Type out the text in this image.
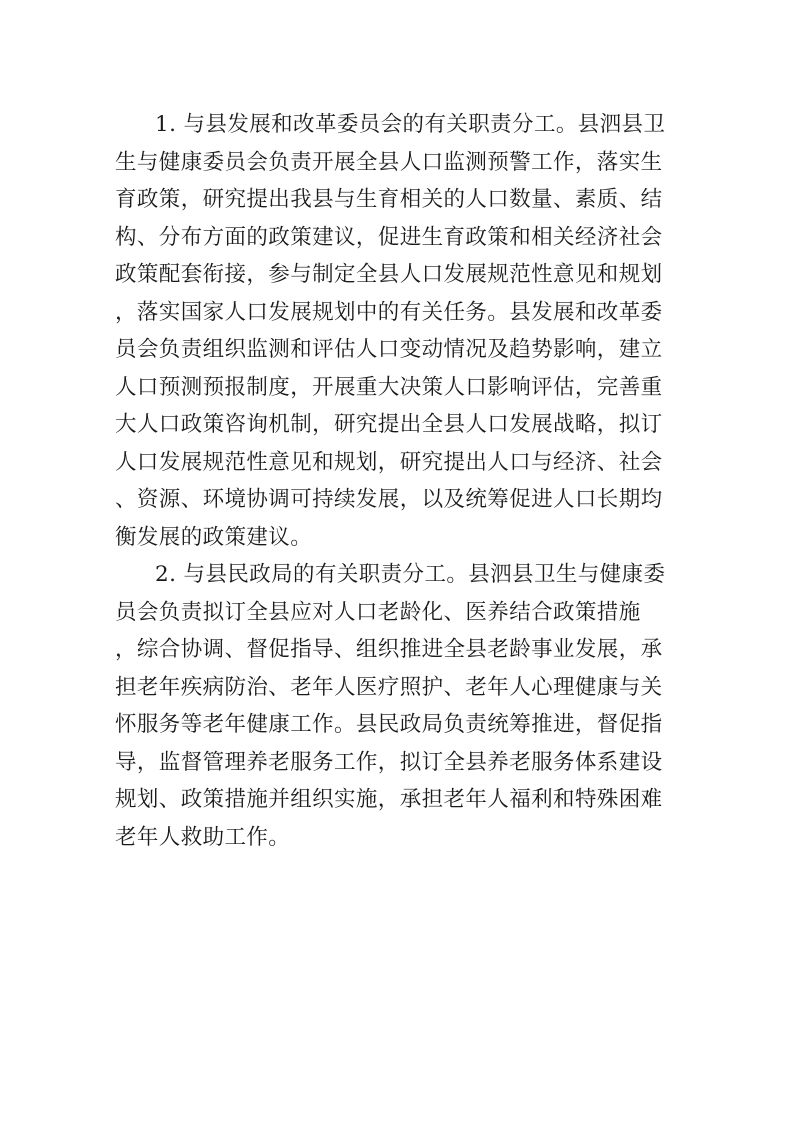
1. 与县发展和改革委员会的有关职责分工。县泗县卫
生与健康委员会负责开展全县人口监测预警工作，落实生
育政策，研究提出我县与生育相关的人口数量、素质、结
构、分布方面的政策建议，促进生育政策和相关经济社会
政策配套衔接，参与制定全县人口发展规范性意见和规划
，落实国家人口发展规划中的有关任务。县发展和改革委
员会负责组织监测和评估人口变动情况及趋势影响，建立
人口预测预报制度，开展重大决策人口影响评估，完善重
大人口政策咨询机制，研究提出全县人口发展战略，拟订
人口发展规范性意见和规划，研究提出人口与经济、社会
、资源、环境协调可持续发展，以及统筹促进人口长期均
衡发展的政策建议。
2. 与县民政局的有关职责分工。县泗县卫生与健康委
员会负责拟订全县应对人口老龄化、医养结合政策措施
，综合协调、督促指导、组织推进全县老龄事业发展，承
担老年疾病防治、老年人医疗照护、老年人心理健康与关
怀服务等老年健康工作。县民政局负责统筹推进，督促指
导，监督管理养老服务工作，拟订全县养老服务体系建设
规划、政策措施并组织实施，承担老年人福利和特殊困难
老年人救助工作。
